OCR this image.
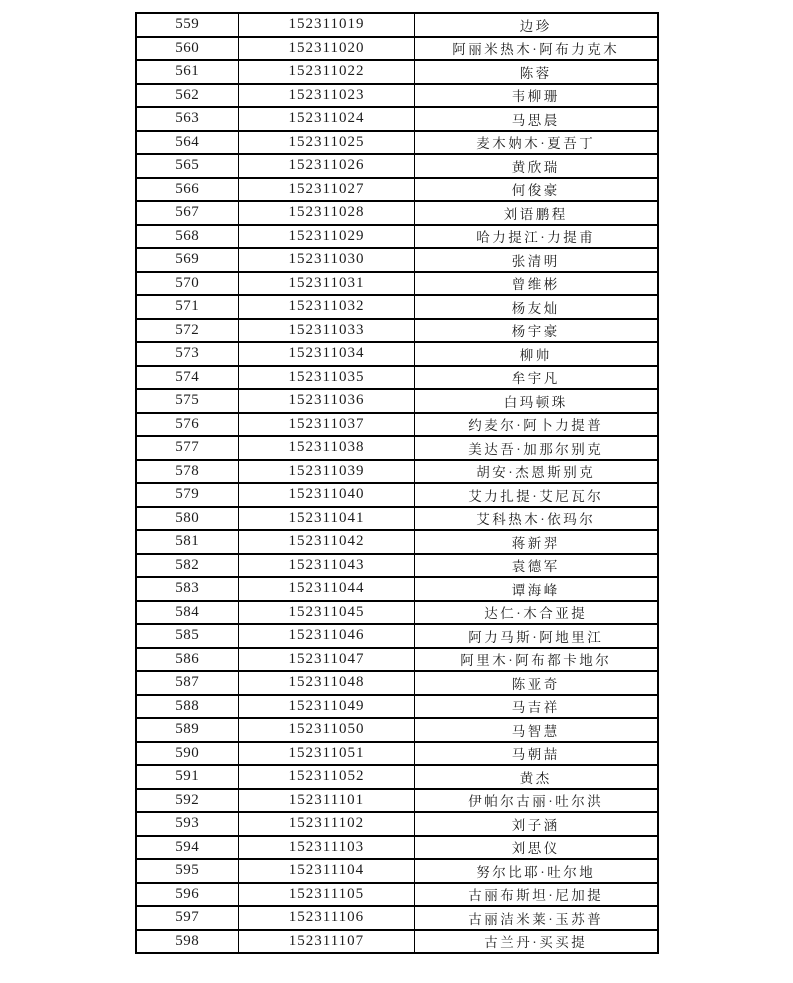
559	152311019	边珍
560	152311020	阿丽米热木·阿布力克木
561	152311022	陈蓉
562	152311023	韦柳珊
563	152311024	马思晨
564	152311025	麦木妠木·夏吾丁
565	152311026	黄欣瑞
566	152311027	何俊豪
567	152311028	刘语鹏程
568	152311029	哈力提江·力提甫
569	152311030	张清明
570	152311031	曾维彬
571	152311032	杨友灿
572	152311033	杨宇豪
573	152311034	柳帅
574	152311035	牟宇凡
575	152311036	白玛顿珠
576	152311037	约麦尔·阿卜力提普
577	152311038	美达吾·加那尔别克
578	152311039	胡安·杰恩斯别克
579	152311040	艾力扎提·艾尼瓦尔
580	152311041	艾科热木·依玛尔
581	152311042	蒋新羿
582	152311043	袁德军
583	152311044	谭海峰
584	152311045	达仁·木合亚提
585	152311046	阿力马斯·阿地里江
586	152311047	阿里木·阿布都卡地尔
587	152311048	陈亚奇
588	152311049	马吉祥
589	152311050	马智慧
590	152311051	马朝喆
591	152311052	黄杰
592	152311101	伊帕尔古丽·吐尔洪
593	152311102	刘子涵
594	152311103	刘思仪
595	152311104	努尔比耶·吐尔地
596	152311105	古丽布斯坦·尼加提
597	152311106	古丽洁米莱·玉苏普
598	152311107	古兰丹·买买提
